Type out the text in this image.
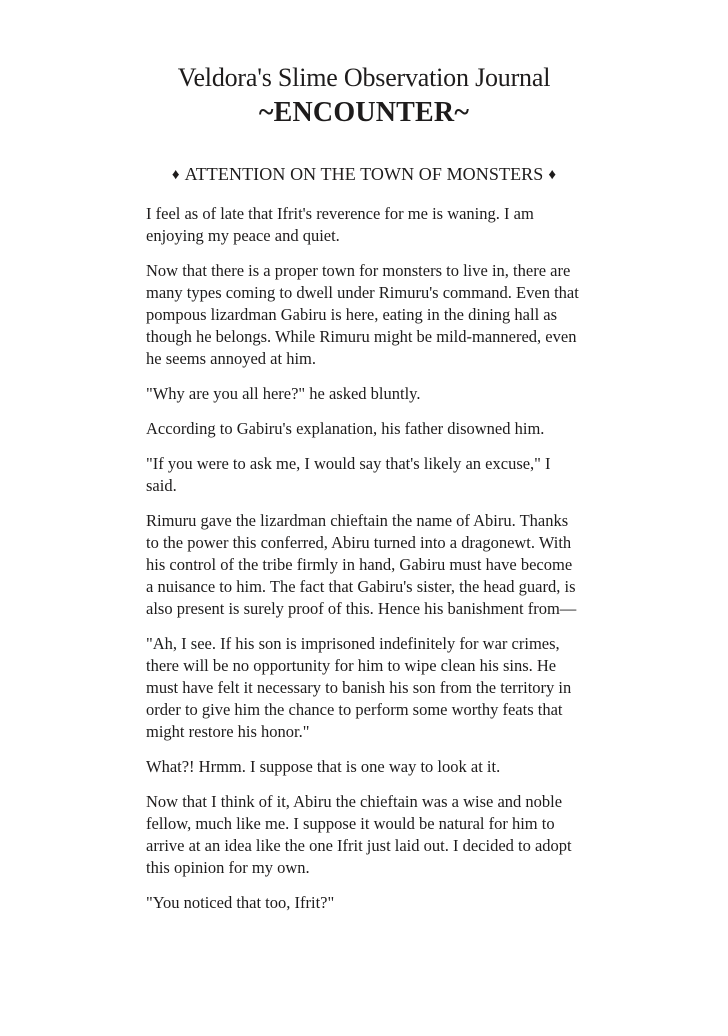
Veldora's Slime Observation Journal
~ENCOUNTER~
♦ ATTENTION ON THE TOWN OF MONSTERS ♦

I feel as of late that Ifrit's reverence for me is waning. I am enjoying my peace and quiet.

Now that there is a proper town for monsters to live in, there are many types coming to dwell under Rimuru's command. Even that pompous lizardman Gabiru is here, eating in the dining hall as though he belongs. While Rimuru might be mild-mannered, even he seems annoyed at him.

"Why are you all here?" he asked bluntly.

According to Gabiru's explanation, his father disowned him.

"If you were to ask me, I would say that's likely an excuse," I said.

Rimuru gave the lizardman chieftain the name of Abiru. Thanks to the power this conferred, Abiru turned into a dragonewt. With his control of the tribe firmly in hand, Gabiru must have become a nuisance to him. The fact that Gabiru's sister, the head guard, is also present is surely proof of this. Hence his banishment from—

"Ah, I see. If his son is imprisoned indefinitely for war crimes, there will be no opportunity for him to wipe clean his sins. He must have felt it necessary to banish his son from the territory in order to give him the chance to perform some worthy feats that might restore his honor."

What?! Hrmm. I suppose that is one way to look at it.

Now that I think of it, Abiru the chieftain was a wise and noble fellow, much like me. I suppose it would be natural for him to arrive at an idea like the one Ifrit just laid out. I decided to adopt this opinion for my own.

"You noticed that too, Ifrit?"
